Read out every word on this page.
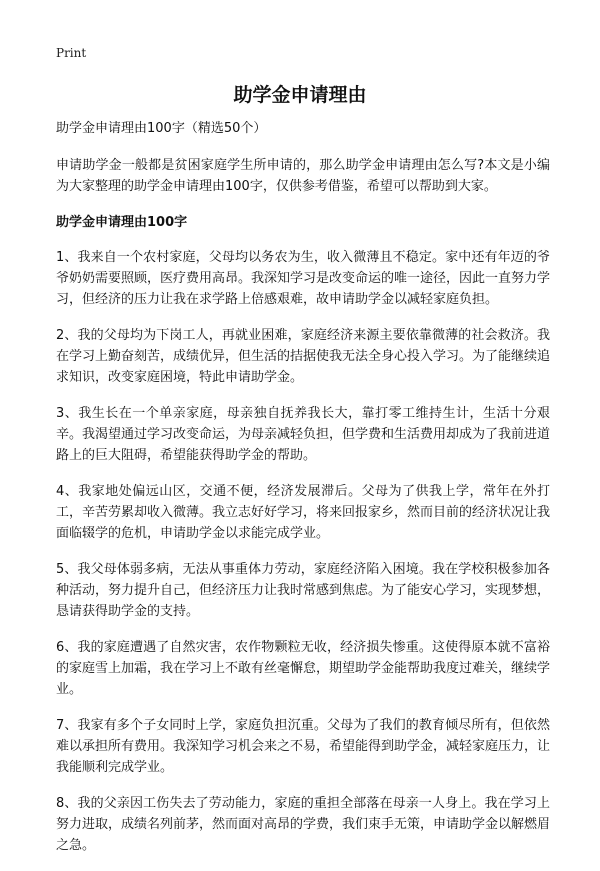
Print
助学金申请理由

助学金申请理由100字（精选50个）

申请助学金一般都是贫困家庭学生所申请的，那么助学金申请理由怎么写?本文是小编为大家整理的助学金申请理由100字，仅供参考借鉴，希望可以帮助到大家。

助学金申请理由100字

1、我来自一个农村家庭，父母均以务农为生，收入微薄且不稳定。家中还有年迈的爷爷奶奶需要照顾，医疗费用高昂。我深知学习是改变命运的唯一途径，因此一直努力学习，但经济的压力让我在求学路上倍感艰难，故申请助学金以减轻家庭负担。

2、我的父母均为下岗工人，再就业困难，家庭经济来源主要依靠微薄的社会救济。我在学习上勤奋刻苦，成绩优异，但生活的拮据使我无法全身心投入学习。为了能继续追求知识，改变家庭困境，特此申请助学金。

3、我生长在一个单亲家庭，母亲独自抚养我长大，靠打零工维持生计，生活十分艰辛。我渴望通过学习改变命运，为母亲减轻负担，但学费和生活费用却成为了我前进道路上的巨大阻碍，希望能获得助学金的帮助。

4、我家地处偏远山区，交通不便，经济发展滞后。父母为了供我上学，常年在外打工，辛苦劳累却收入微薄。我立志好好学习，将来回报家乡，然而目前的经济状况让我面临辍学的危机，申请助学金以求能完成学业。

5、我父母体弱多病，无法从事重体力劳动，家庭经济陷入困境。我在学校积极参加各种活动，努力提升自己，但经济压力让我时常感到焦虑。为了能安心学习，实现梦想，恳请获得助学金的支持。

6、我的家庭遭遇了自然灾害，农作物颗粒无收，经济损失惨重。这使得原本就不富裕的家庭雪上加霜，我在学习上不敢有丝毫懈怠，期望助学金能帮助我度过难关，继续学业。

7、我家有多个子女同时上学，家庭负担沉重。父母为了我们的教育倾尽所有，但依然难以承担所有费用。我深知学习机会来之不易，希望能得到助学金，减轻家庭压力，让我能顺利完成学业。

8、我的父亲因工伤失去了劳动能力，家庭的重担全部落在母亲一人身上。我在学习上努力进取，成绩名列前茅，然而面对高昂的学费，我们束手无策，申请助学金以解燃眉之急。
